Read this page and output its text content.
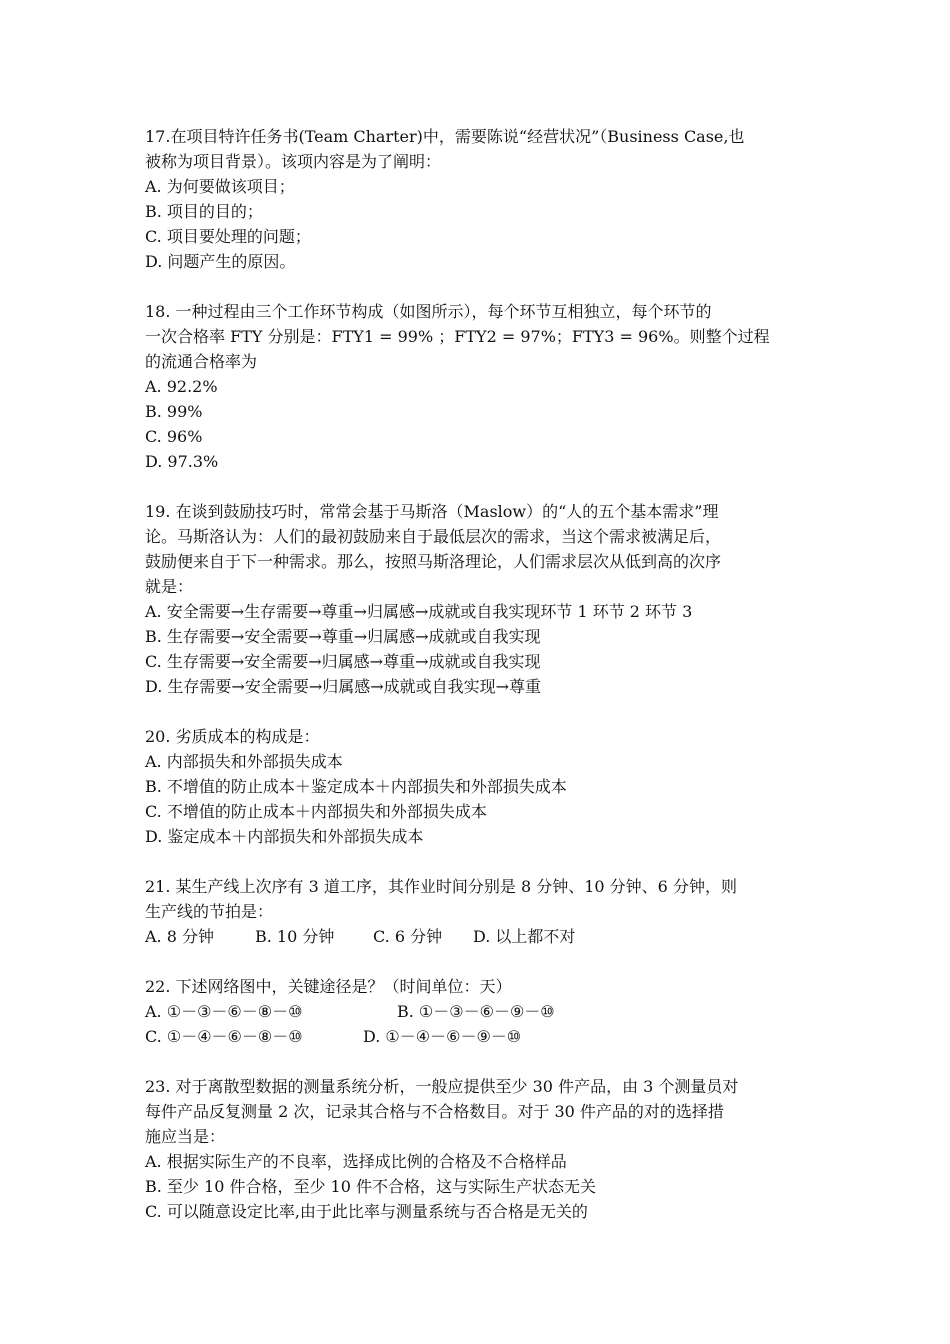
17.在项目特许任务书(Team Charter)中，需要陈说“经营状况”（Business Case,也
被称为项目背景）。该项内容是为了阐明：
A. 为何要做该项目；
B. 项目的目的；
C. 项目要处理的问题；
D. 问题产生的原因。
18. 一种过程由三个工作环节构成（如图所示），每个环节互相独立，每个环节的
一次合格率 FTY 分别是：FTY1 = 99% ；FTY2 = 97%；FTY3 = 96%。则整个过程
的流通合格率为
A. 92.2%
B. 99%
C. 96%
D. 97.3%
19. 在谈到鼓励技巧时，常常会基于马斯洛（Maslow）的“人的五个基本需求”理
论。马斯洛认为：人们的最初鼓励来自于最低层次的需求，当这个需求被满足后，
鼓励便来自于下一种需求。那么，按照马斯洛理论，人们需求层次从低到高的次序
就是：
A. 安全需要→生存需要→尊重→归属感→成就或自我实现环节 1 环节 2 环节 3
B. 生存需要→安全需要→尊重→归属感→成就或自我实现
C. 生存需要→安全需要→归属感→尊重→成就或自我实现
D. 生存需要→安全需要→归属感→成就或自我实现→尊重
20. 劣质成本的构成是：
A. 内部损失和外部损失成本
B. 不增值的防止成本＋鉴定成本＋内部损失和外部损失成本
C. 不增值的防止成本＋内部损失和外部损失成本
D. 鉴定成本＋内部损失和外部损失成本
21. 某生产线上次序有 3 道工序，其作业时间分别是 8 分钟、10 分钟、6 分钟，则
生产线的节拍是：
A. 8 分钟	B. 10 分钟 C. 6 分钟 D. 以上都不对
22. 下述网络图中，关键途径是？（时间单位：天）
A. ①－③－⑥－⑧－⑩	B. ①－③－⑥－⑨－⑩
C. ①－④－⑥－⑧－⑩	D. ①－④－⑥－⑨－⑩
23. 对于离散型数据的测量系统分析，一般应提供至少 30 件产品，由 3 个测量员对
每件产品反复测量 2 次，记录其合格与不合格数目。对于 30 件产品的对的选择措
施应当是：
A. 根据实际生产的不良率，选择成比例的合格及不合格样品
B. 至少 10 件合格，至少 10 件不合格，这与实际生产状态无关
C. 可以随意设定比率,由于此比率与测量系统与否合格是无关的
